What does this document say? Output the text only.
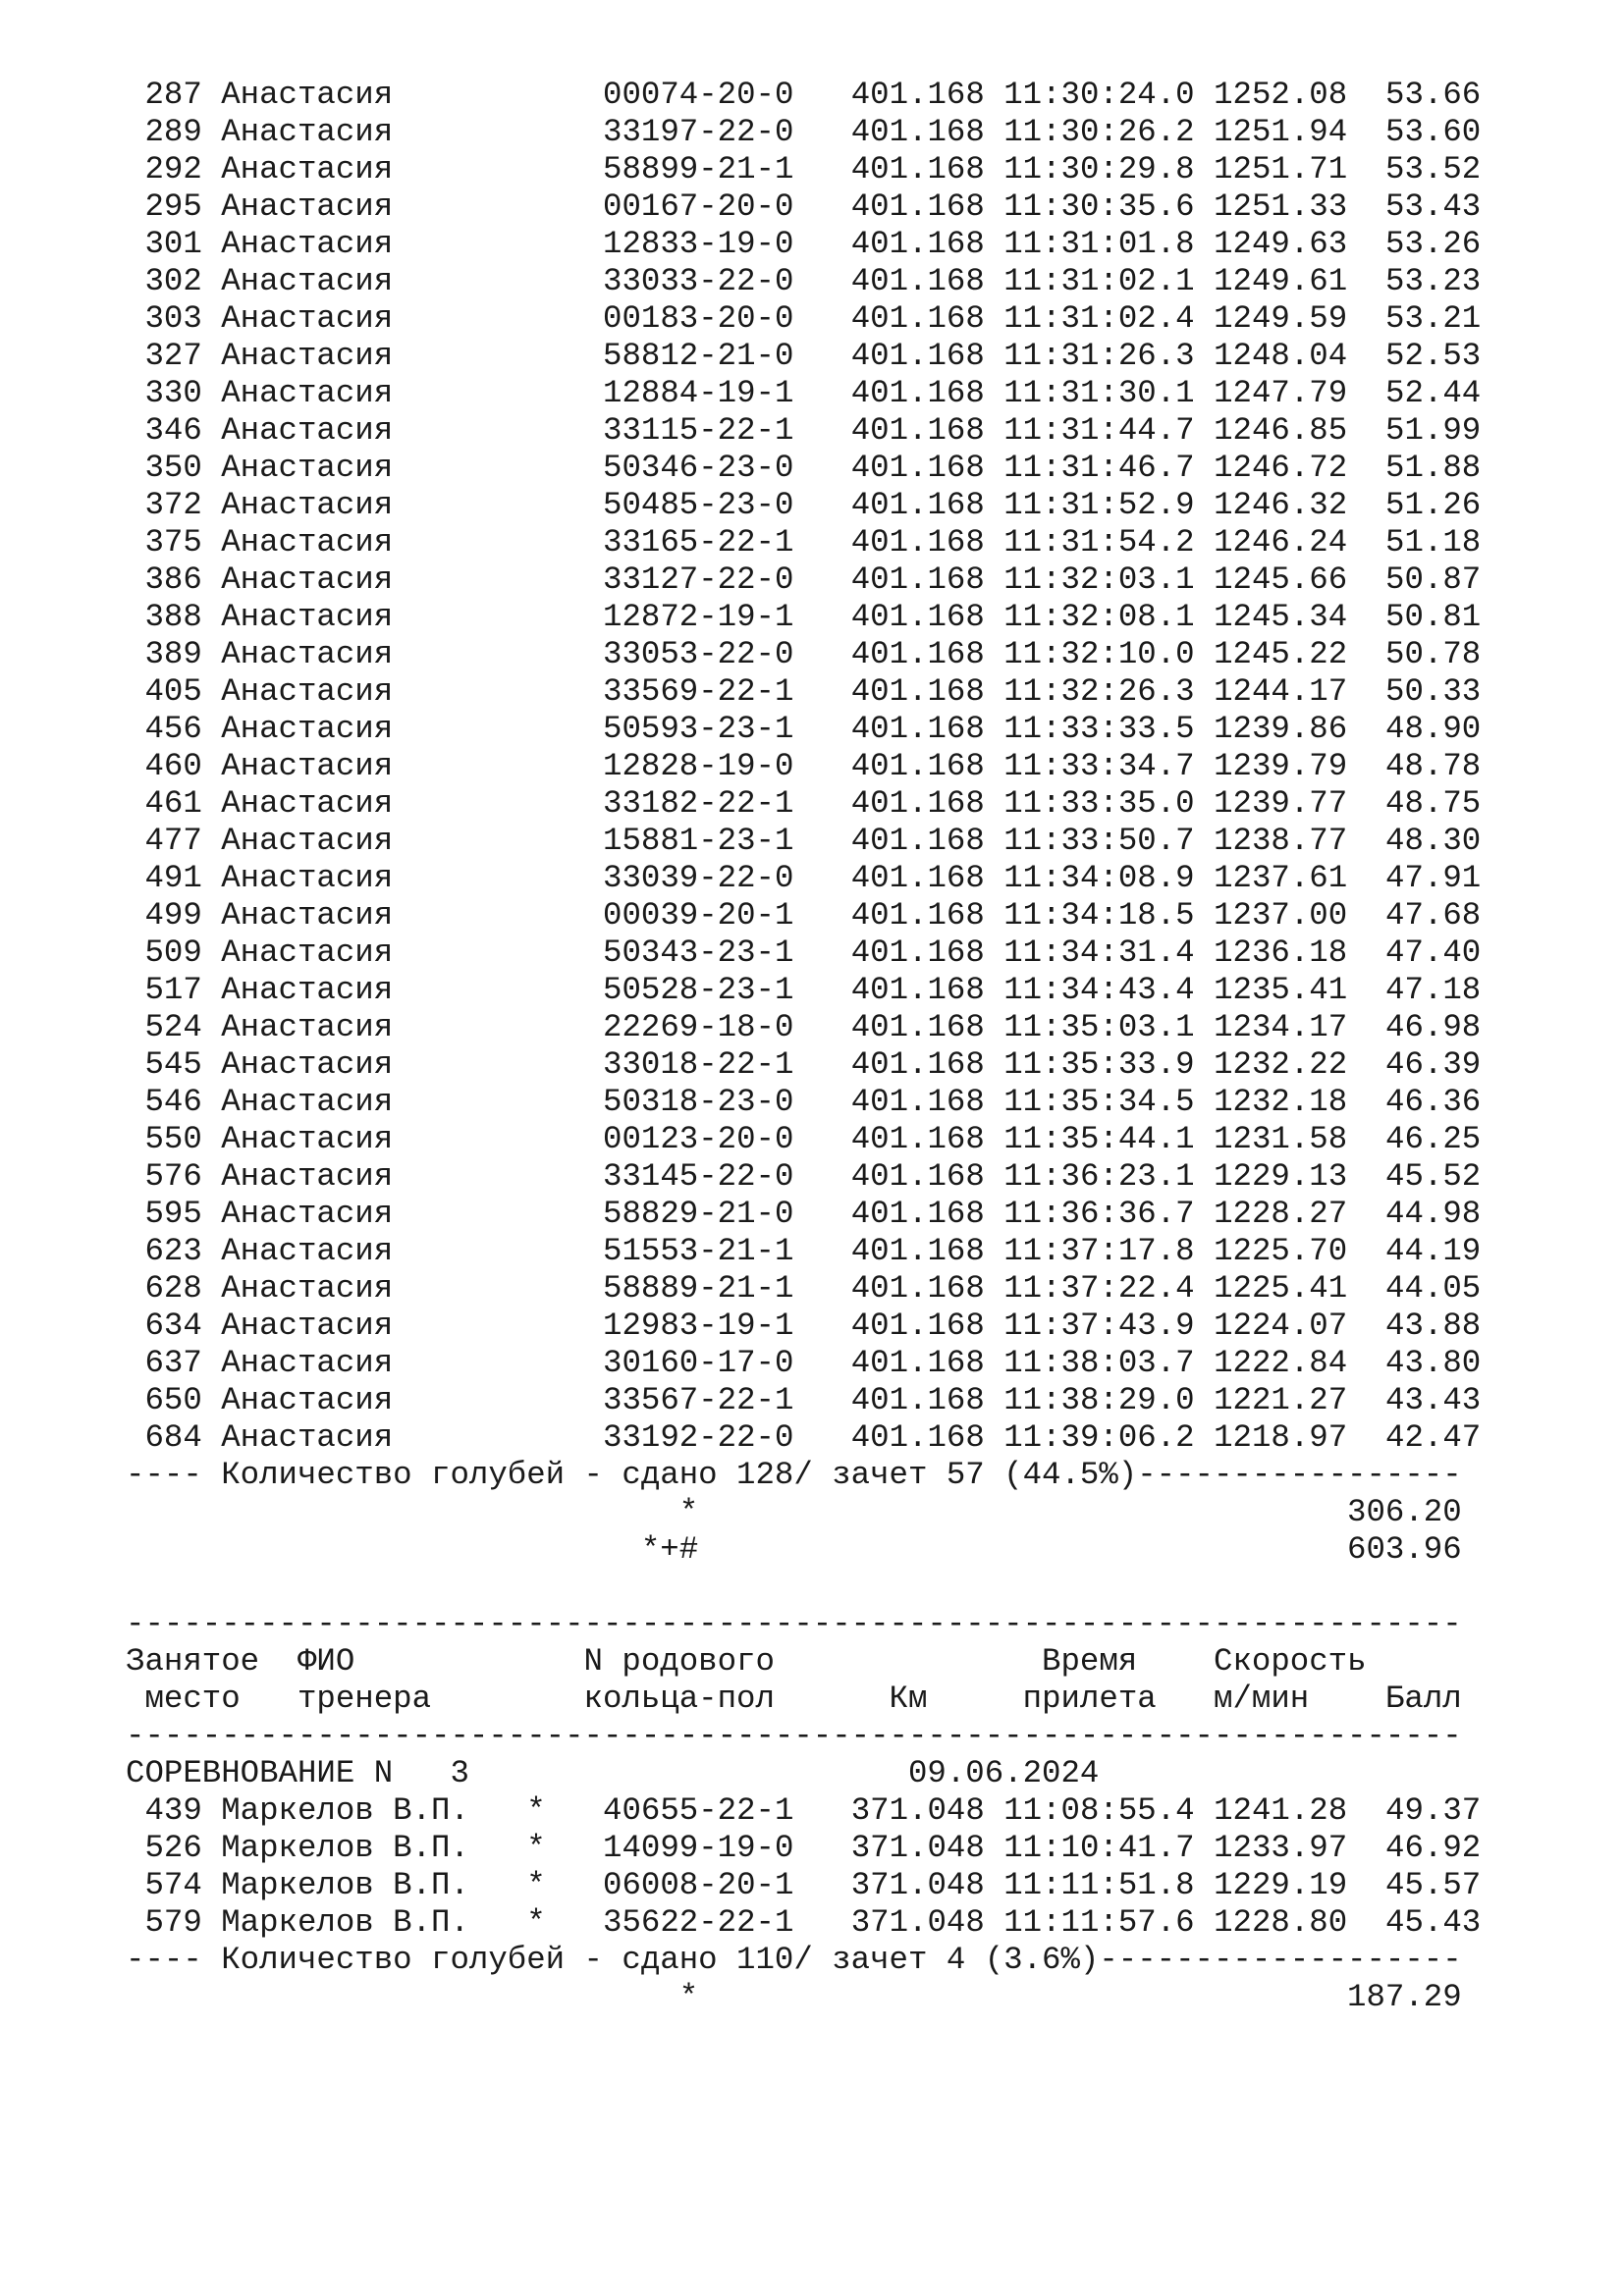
287 Анастасия           00074-20-0   401.168 11:30:24.0 1252.08  53.66
289 Анастасия           33197-22-0   401.168 11:30:26.2 1251.94  53.60
292 Анастасия           58899-21-1   401.168 11:30:29.8 1251.71  53.52
295 Анастасия           00167-20-0   401.168 11:30:35.6 1251.33  53.43
301 Анастасия           12833-19-0   401.168 11:31:01.8 1249.63  53.26
302 Анастасия           33033-22-0   401.168 11:31:02.1 1249.61  53.23
303 Анастасия           00183-20-0   401.168 11:31:02.4 1249.59  53.21
327 Анастасия           58812-21-0   401.168 11:31:26.3 1248.04  52.53
330 Анастасия           12884-19-1   401.168 11:31:30.1 1247.79  52.44
346 Анастасия           33115-22-1   401.168 11:31:44.7 1246.85  51.99
350 Анастасия           50346-23-0   401.168 11:31:46.7 1246.72  51.88
372 Анастасия           50485-23-0   401.168 11:31:52.9 1246.32  51.26
375 Анастасия           33165-22-1   401.168 11:31:54.2 1246.24  51.18
386 Анастасия           33127-22-0   401.168 11:32:03.1 1245.66  50.87
388 Анастасия           12872-19-1   401.168 11:32:08.1 1245.34  50.81
389 Анастасия           33053-22-0   401.168 11:32:10.0 1245.22  50.78
405 Анастасия           33569-22-1   401.168 11:32:26.3 1244.17  50.33
456 Анастасия           50593-23-1   401.168 11:33:33.5 1239.86  48.90
460 Анастасия           12828-19-0   401.168 11:33:34.7 1239.79  48.78
461 Анастасия           33182-22-1   401.168 11:33:35.0 1239.77  48.75
477 Анастасия           15881-23-1   401.168 11:33:50.7 1238.77  48.30
491 Анастасия           33039-22-0   401.168 11:34:08.9 1237.61  47.91
499 Анастасия           00039-20-1   401.168 11:34:18.5 1237.00  47.68
509 Анастасия           50343-23-1   401.168 11:34:31.4 1236.18  47.40
517 Анастасия           50528-23-1   401.168 11:34:43.4 1235.41  47.18
524 Анастасия           22269-18-0   401.168 11:35:03.1 1234.17  46.98
545 Анастасия           33018-22-1   401.168 11:35:33.9 1232.22  46.39
546 Анастасия           50318-23-0   401.168 11:35:34.5 1232.18  46.36
550 Анастасия           00123-20-0   401.168 11:35:44.1 1231.58  46.25
576 Анастасия           33145-22-0   401.168 11:36:23.1 1229.13  45.52
595 Анастасия           58829-21-0   401.168 11:36:36.7 1228.27  44.98
623 Анастасия           51553-21-1   401.168 11:37:17.8 1225.70  44.19
628 Анастасия           58889-21-1   401.168 11:37:22.4 1225.41  44.05
634 Анастасия           12983-19-1   401.168 11:37:43.9 1224.07  43.88
637 Анастасия           30160-17-0   401.168 11:38:03.7 1222.84  43.80
650 Анастасия           33567-22-1   401.168 11:38:29.0 1221.27  43.43
684 Анастасия           33192-22-0   401.168 11:39:06.2 1218.97  42.47
---- Количество голубей - сдано 128/ зачет 57 (44.5%)-----------------
*                                  306.20
*+#                                  603.96
----------------------------------------------------------------------
Занятое  ФИО            N родового              Время    Скорость
место   тренера        кольца-пол      Км     прилета   м/мин    Балл
----------------------------------------------------------------------
СОРЕВНОВАНИЕ N   3                       09.06.2024
439 Маркелов В.П.   *   40655-22-1   371.048 11:08:55.4 1241.28  49.37
526 Маркелов В.П.   *   14099-19-0   371.048 11:10:41.7 1233.97  46.92
574 Маркелов В.П.   *   06008-20-1   371.048 11:11:51.8 1229.19  45.57
579 Маркелов В.П.   *   35622-22-1   371.048 11:11:57.6 1228.80  45.43
---- Количество голубей - сдано 110/ зачет 4 (3.6%)-------------------
*                                  187.29
